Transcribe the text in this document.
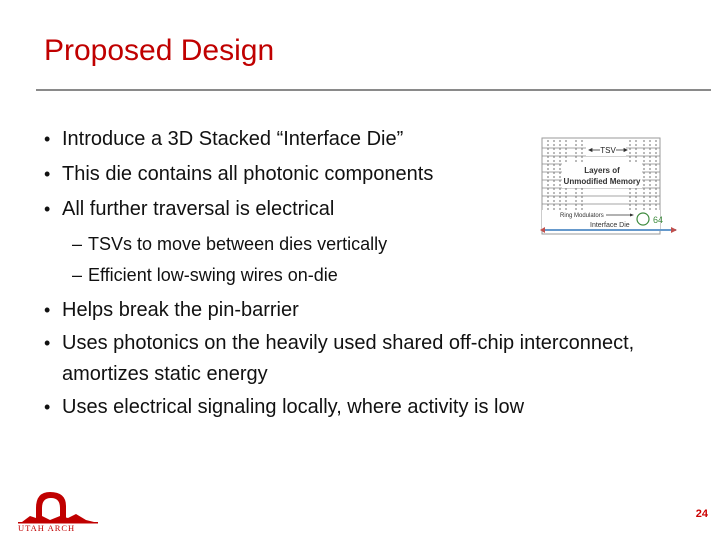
Proposed Design
• Introduce a 3D Stacked “Interface Die”
• This die contains all photonic components
• All further traversal is electrical
– TSVs to move between dies vertically
– Efficient low-swing wires on-die
• Helps break the pin-barrier
• Uses photonics on the heavily used shared off-chip interconnect, amortizes static energy
• Uses electrical signaling locally, where activity is low
TSV
Layers of
Unmodified Memory
Ring Modulators
Interface Die
64
UTAH ARCH
24
